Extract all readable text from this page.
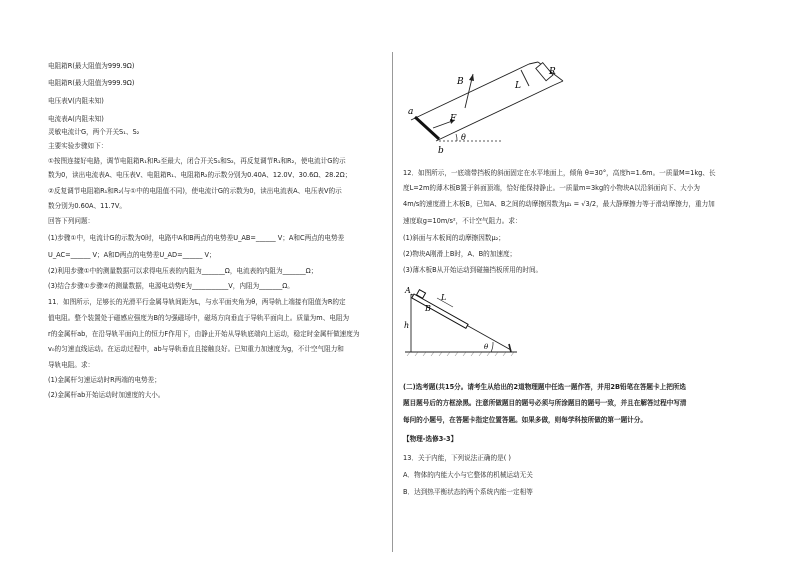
电阻箱R(最大阻值为999.9Ω)
电阻箱R(最大阻值为999.9Ω)
电压表V(内阻未知)
电流表A(内阻未知)
灵敏电流计G，两个开关S₁、S₂
主要实验步骤如下：
①按图连接好电路，调节电阻箱R₁和R₂至最大，闭合开关S₁和S₂，再反复调节R₁和R₂，使电流计G的示
数为0，读出电流表A、电压表V、电阻箱R₁、电阻箱R₂的示数分别为0.40A、12.0V、30.6Ω、28.2Ω；
②反复调节电阻箱R₁和R₂(与①中的电阻值不同)，使电流计G的示数为0，读出电流表A、电压表V的示
数分别为0.60A、11.7V。
回答下列问题：
(1)步骤①中，电流计G的示数为0时，电路中A和B两点的电势差U_AB=______ V；A和C两点的电势差
U_AC=______ V；A和D两点的电势差U_AD=______ V；
(2)利用步骤①中的测量数据可以求得电压表的内阻为_______Ω，电流表的内阻为_______Ω；
(3)结合步骤①步骤②的测量数据，电源电动势E为___________V，内阻为_______Ω。
11．如图所示，足够长的光滑平行金属导轨间距为L，与水平面夹角为θ，两导轨上端接有阻值为R的定
值电阻。整个装置处于磁感应强度为B的匀强磁场中，磁场方向垂直于导轨平面向上。质量为m、电阻为
r的金属杆ab，在沿导轨平面向上的恒力F作用下，由静止开始从导轨底端向上运动，稳定时金属杆做速度为
v₀的匀速直线运动。在运动过程中，ab与导轨垂直且接触良好。已知重力加速度为g，不计空气阻力和
导轨电阻。求：
(1)金属杆匀速运动时R两端的电势差；
(2)金属杆ab开始运动时加速度的大小。
B	L
R
a
b
F
θ
12．如图所示，一底端带挡板的斜面固定在水平地面上，倾角 θ=30°，高度h=1.6m。一质量M=1kg、长
度L=2m的薄木板B置于斜面顶端，恰好能保持静止。一质量m=3kg的小物块A以沿斜面向下、大小为
4m/s的速度滑上木板B，已知A、B之间的动摩擦因数为μ₁ = √3/2，最大静摩擦力等于滑动摩擦力，重力加
速度取g=10m/s²，不计空气阻力。求：
(1)斜面与木板间的动摩擦因数μ₂；
(2)物块A刚滑上B时，A、B的加速度；
(3)薄木板B从开始运动到碰撞挡板所用的时间。
A
B
L
h
θ
(二)选考题(共15分。请考生从给出的2道物理题中任选一题作答，并用2B铅笔在答题卡上把所选
题目题号后的方框涂黑。注意所做题目的题号必须与所涂题目的题号一致，并且在解答过程中写清
每问的小题号，在答题卡指定位置答题。如果多做，则每学科按所做的第一题计分。
【物理-选修3-3】
13．关于内能，下列说法正确的是( )
A．物体的内能大小与它整体的机械运动无关
B．达到热平衡状态的两个系统内能一定相等
